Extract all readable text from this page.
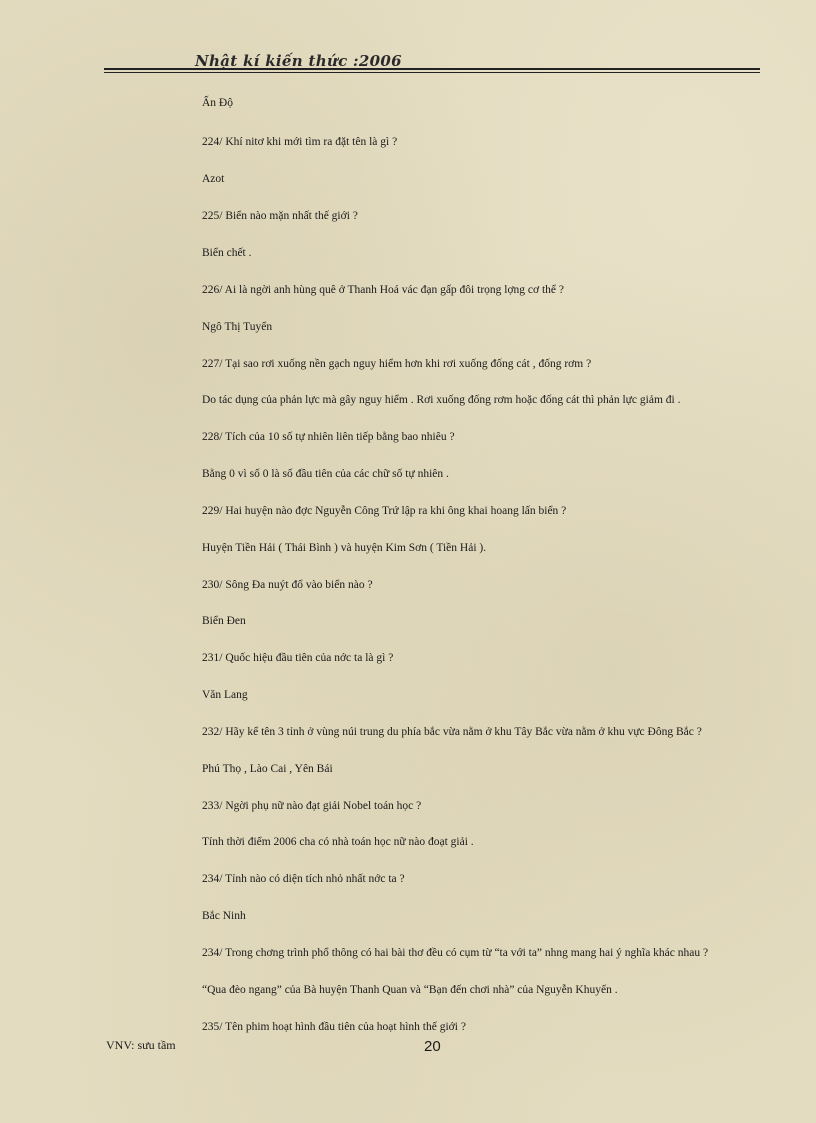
Nhật kí kiến thức :2006
Ấn Độ
224/ Khí nitơ khi mới tìm ra đặt tên là gì ?
Azot
225/ Biển nào mặn nhất thế giới ?
Biển chết .
226/ Ai là ngời anh hùng quê ở Thanh Hoá vác đạn gấp đôi trọng lợng cơ thể ?
Ngô Thị Tuyển
227/ Tại sao rơi xuống nền gạch nguy hiểm hơn khi rơi xuống đống cát , đống rơm ?
Do tác dụng của phản lực mà gây nguy hiểm . Rơi xuống đống rơm hoặc đống cát thì phản lực giảm đi .
228/ Tích của 10 số tự nhiên liên tiếp bằng bao nhiêu ?
Bằng 0 vì số 0 là số đầu tiên của các chữ số tự nhiên .
229/ Hai huyện nào đợc Nguyễn Công Trứ lập ra khi ông khai hoang lấn biển ?
Huyện Tiền Hải ( Thái Bình ) và huyện Kim Sơn ( Tiền Hải ).
230/ Sông Đa nuýt đổ vào biển nào ?
Biển Đen
231/ Quốc hiệu đầu tiên của nớc ta là gì ?
Văn Lang
232/ Hãy kể tên 3 tỉnh ở vùng núi trung du phía bắc vừa nằm ở khu Tây Bắc vừa nằm ở khu vực Đông Bắc ?
Phú Thọ , Lào Cai , Yên Bái
233/ Ngời phụ nữ nào đạt giải Nobel toán học ?
Tính thời điểm 2006 cha có nhà toán học nữ nào đoạt giải .
234/ Tỉnh nào có diện tích nhỏ nhất nớc ta ?
Bắc Ninh
234/ Trong chơng trình phổ thông có hai bài thơ đều có cụm từ “ta với ta” nhng mang hai ý nghĩa khác nhau ?
“Qua đèo ngang” của Bà huyện Thanh Quan và “Bạn đến chơi nhà” của Nguyễn Khuyến .
235/ Tên phim hoạt hình đầu tiên của hoạt hình thế giới ?
VNV: sưu tầm	20
